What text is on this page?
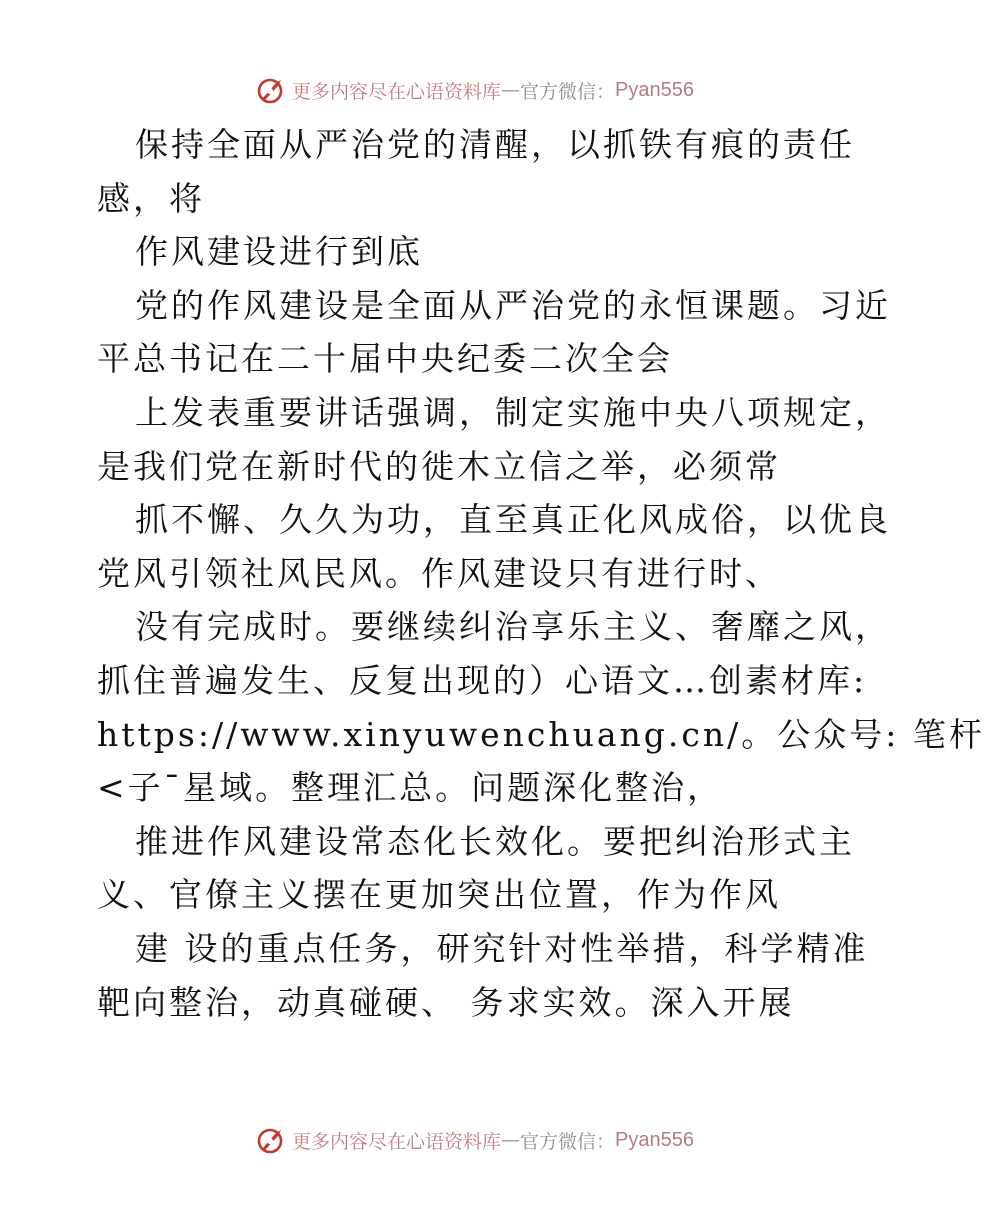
更多内容尽在心语资料库 — 官方微信： Pyan556
保持全面从严治党的清醒，以抓铁有痕的责任
感，将
作风建设进行到底
党的作风建设是全面从严治党的永恒课题。习近
平总书记在二十届中央纪委二次全会
上发表重要讲话强调，制定实施中央八项规定，
是我们党在新时代的徙木立信之举，必须常
抓不懈、久久为功，直至真正化风成俗，以优良
党风引领社风民风。作风建设只有进行时、
没有完成时。要继续纠治享乐主义、奢靡之风，
抓住普遍发生、反复出现的）心语文…创素材库:
https://www.xinyuwenchuang.cn/。公众号: 笔杆
<子¯星域。整理汇总。问题深化整治，
推进作风建设常态化长效化。要把纠治形式主
义、官僚主义摆在更加突出位置，作为作风
建 设的重点任务，研究针对性举措，科学精准
靶向整治，动真碰硬、 务求实效。深入开展
更多内容尽在心语资料库 — 官方微信： Pyan556
